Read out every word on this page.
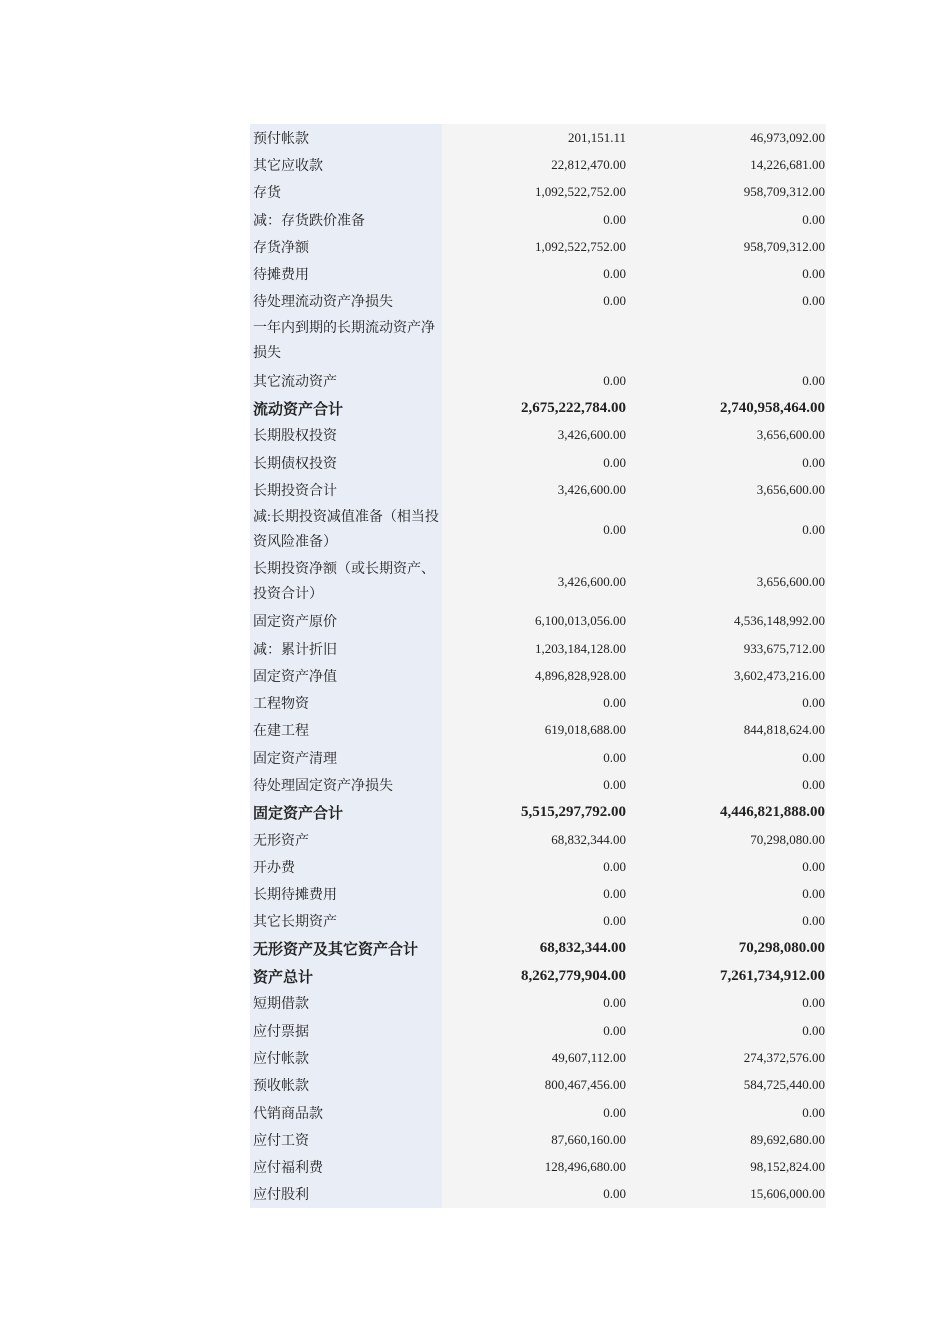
预付帐款	201,151.11	46,973,092.00
其它应收款	22,812,470.00	14,226,681.00
存货	1,092,522,752.00	958,709,312.00
减：存货跌价准备	0.00	0.00
存货净额	1,092,522,752.00	958,709,312.00
待摊费用	0.00	0.00
待处理流动资产净损失	0.00	0.00
一年内到期的长期流动资产净损失		
其它流动资产	0.00	0.00
流动资产合计	2,675,222,784.00	2,740,958,464.00
长期股权投资	3,426,600.00	3,656,600.00
长期债权投资	0.00	0.00
长期投资合计	3,426,600.00	3,656,600.00
减:长期投资减值准备（相当投资风险准备）	0.00	0.00
长期投资净额（或长期资产、投资合计）	3,426,600.00	3,656,600.00
固定资产原价	6,100,013,056.00	4,536,148,992.00
减：累计折旧	1,203,184,128.00	933,675,712.00
固定资产净值	4,896,828,928.00	3,602,473,216.00
工程物资	0.00	0.00
在建工程	619,018,688.00	844,818,624.00
固定资产清理	0.00	0.00
待处理固定资产净损失	0.00	0.00
固定资产合计	5,515,297,792.00	4,446,821,888.00
无形资产	68,832,344.00	70,298,080.00
开办费	0.00	0.00
长期待摊费用	0.00	0.00
其它长期资产	0.00	0.00
无形资产及其它资产合计	68,832,344.00	70,298,080.00
资产总计	8,262,779,904.00	7,261,734,912.00
短期借款	0.00	0.00
应付票据	0.00	0.00
应付帐款	49,607,112.00	274,372,576.00
预收帐款	800,467,456.00	584,725,440.00
代销商品款	0.00	0.00
应付工资	87,660,160.00	89,692,680.00
应付福利费	128,496,680.00	98,152,824.00
应付股利	0.00	15,606,000.00
